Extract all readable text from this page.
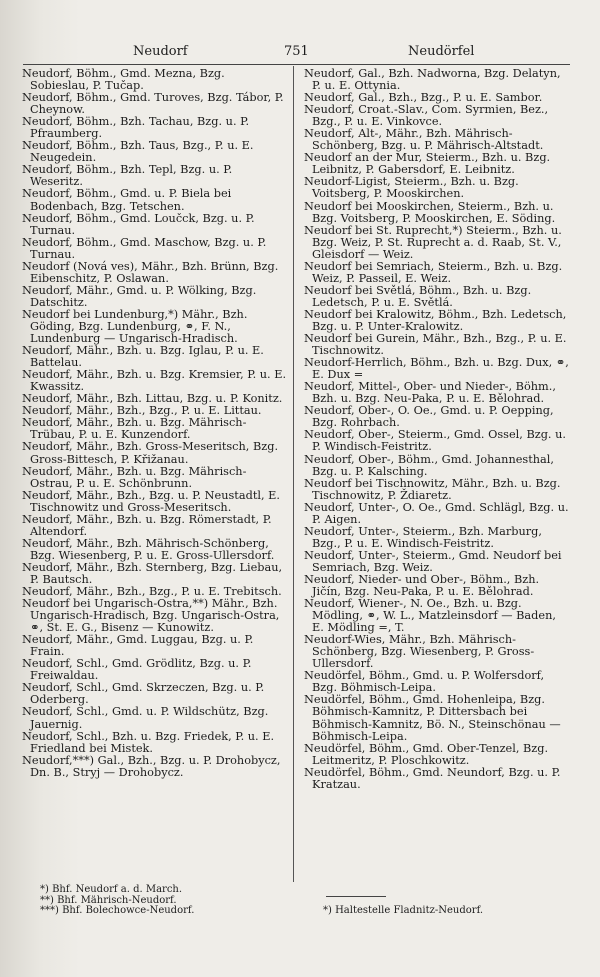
Neudorf	751	Neudörfel

Neudorf, Böhm., Gmd. Mezna, Bzg. Sobieslau, P. Tučap.

Neudorf, Böhm., Gmd. Turoves, Bzg. Tábor, P. Cheynow.

Neudorf, Böhm., Bzh. Tachau, Bzg. u. P. Pfraumberg.

Neudorf, Böhm., Bzh. Taus, Bzg., P. u. E. Neugedein.

Neudorf, Böhm., Bzh. Tepl, Bzg. u. P. Weseritz.

Neudorf, Böhm., Gmd. u. P. Biela bei Bodenbach, Bzg. Tetschen.

Neudorf, Böhm., Gmd. Loučck, Bzg. u. P. Turnau.

Neudorf, Böhm., Gmd. Maschow, Bzg. u. P. Turnau.

Neudorf (Nová ves), Mähr., Bzh. Brünn, Bzg. Eibenschitz, P. Oslawan.

Neudorf, Mähr., Gmd. u. P. Wölking, Bzg. Datschitz.

Neudorf bei Lundenburg,*) Mähr., Bzh. Göding, Bzg. Lundenburg, ⚭, F. N., Lundenburg — Ungarisch-Hradisch.

Neudorf, Mähr., Bzh. u. Bzg. Iglau, P. u. E. Battelau.

Neudorf, Mähr., Bzh. u. Bzg. Kremsier, P. u. E. Kwassitz.

Neudorf, Mähr., Bzh. Littau, Bzg. u. P. Konitz.

Neudorf, Mähr., Bzh., Bzg., P. u. E. Littau.

Neudorf, Mähr., Bzh. u. Bzg. Mährisch-Trübau, P. u. E. Kunzendorf.

Neudorf, Mähr., Bzh. Gross-Meseritsch, Bzg. Gross-Bittesch, P. Křižanau.

Neudorf, Mähr., Bzh. u. Bzg. Mährisch-Ostrau, P. u. E. Schönbrunn.

Neudorf, Mähr., Bzh., Bzg. u. P. Neustadtl, E. Tischnowitz und Gross-Meseritsch.

Neudorf, Mähr., Bzh. u. Bzg. Römerstadt, P. Altendorf.

Neudorf, Mähr., Bzh. Mährisch-Schönberg, Bzg. Wiesenberg, P. u. E. Gross-Ullersdorf.

Neudorf, Mähr., Bzh. Sternberg, Bzg. Liebau, P. Bautsch.

Neudorf, Mähr., Bzh., Bzg., P. u. E. Trebitsch.

Neudorf bei Ungarisch-Ostra,**) Mähr., Bzh. Ungarisch-Hradisch, Bzg. Ungarisch-Ostra, ⚭, St. E. G., Bisenz — Kunowitz.

Neudorf, Mähr., Gmd. Luggau, Bzg. u. P. Frain.

Neudorf, Schl., Gmd. Grödlitz, Bzg. u. P. Freiwaldau.

Neudorf, Schl., Gmd. Skrzeczen, Bzg. u. P. Oderberg.

Neudorf, Schl., Gmd. u. P. Wildschütz, Bzg. Jauernig.

Neudorf, Schl., Bzh. u. Bzg. Friedek, P. u. E. Friedland bei Mistek.

Neudorf,***) Gal., Bzh., Bzg. u. P. Drohobycz, Dn. B., Stryj — Drohobycz.

Neudorf, Gal., Bzh. Nadworna, Bzg. Delatyn, P. u. E. Ottynia.

Neudorf, Gal., Bzh., Bzg., P. u. E. Sambor.

Neudorf, Croat.-Slav., Com. Syrmien, Bez., Bzg., P. u. E. Vinkovce.

Neudorf, Alt-, Mähr., Bzh. Mährisch-Schönberg, Bzg. u. P. Mährisch-Altstadt.

Neudorf an der Mur, Steierm., Bzh. u. Bzg. Leibnitz, P. Gabersdorf, E. Leibnitz.

Neudorf-Ligist, Steierm., Bzh. u. Bzg. Voitsberg, P. Mooskirchen.

Neudorf bei Mooskirchen, Steierm., Bzh. u. Bzg. Voitsberg, P. Mooskirchen, E. Söding.

Neudorf bei St. Ruprecht,*) Steierm., Bzh. u. Bzg. Weiz, P. St. Ruprecht a. d. Raab, St. V., Gleisdorf — Weiz.

Neudorf bei Semriach, Steierm., Bzh. u. Bzg. Weiz, P. Passeil, E. Weiz.

Neudorf bei Světlá, Böhm., Bzh. u. Bzg. Ledetsch, P. u. E. Světlá.

Neudorf bei Kralowitz, Böhm., Bzh. Ledetsch, Bzg. u. P. Unter-Kralowitz.

Neudorf bei Gurein, Mähr., Bzh., Bzg., P. u. E. Tischnowitz.

Neudorf-Herrlich, Böhm., Bzh. u. Bzg. Dux, ⚭, E. Dux =

Neudorf, Mittel-, Ober- und Nieder-, Böhm., Bzh. u. Bzg. Neu-Paka, P. u. E. Bělohrad.

Neudorf, Ober-, O. Oe., Gmd. u. P. Oepping, Bzg. Rohrbach.

Neudorf, Ober-, Steierm., Gmd. Ossel, Bzg. u. P. Windisch-Feistritz.

Neudorf, Ober-, Böhm., Gmd. Johannesthal, Bzg. u. P. Kalsching.

Neudorf bei Tischnowitz, Mähr., Bzh. u. Bzg. Tischnowitz, P. Ždiaretz.

Neudorf, Unter-, O. Oe., Gmd. Schlägl, Bzg. u. P. Aigen.

Neudorf, Unter-, Steierm., Bzh. Marburg, Bzg., P. u. E. Windisch-Feistritz.

Neudorf, Unter-, Steierm., Gmd. Neudorf bei Semriach, Bzg. Weiz.

Neudorf, Nieder- und Ober-, Böhm., Bzh. Jičín, Bzg. Neu-Paka, P. u. E. Bělohrad.

Neudorf, Wiener-, N. Oe., Bzh. u. Bzg. Mödling, ⚭, W. L., Matzleinsdorf — Baden, E. Mödling =, T.

Neudorf-Wies, Mähr., Bzh. Mährisch-Schönberg, Bzg. Wiesenberg, P. Gross-Ullersdorf.

Neudörfel, Böhm., Gmd. u. P. Wolfersdorf, Bzg. Böhmisch-Leipa.

Neudörfel, Böhm., Gmd. Hohenleipa, Bzg. Böhmisch-Kamnitz, P. Dittersbach bei Böhmisch-Kamnitz, Bö. N., Steinschönau — Böhmisch-Leipa.

Neudörfel, Böhm., Gmd. Ober-Tenzel, Bzg. Leitmeritz, P. Ploschkowitz.

Neudörfel, Böhm., Gmd. Neundorf, Bzg. u. P. Kratzau.

*) Bhf. Neudorf a. d. March.
**) Bhf. Mährisch-Neudorf.
***) Bhf. Bolechowce-Neudorf.	*) Haltestelle Fladnitz-Neudorf.
